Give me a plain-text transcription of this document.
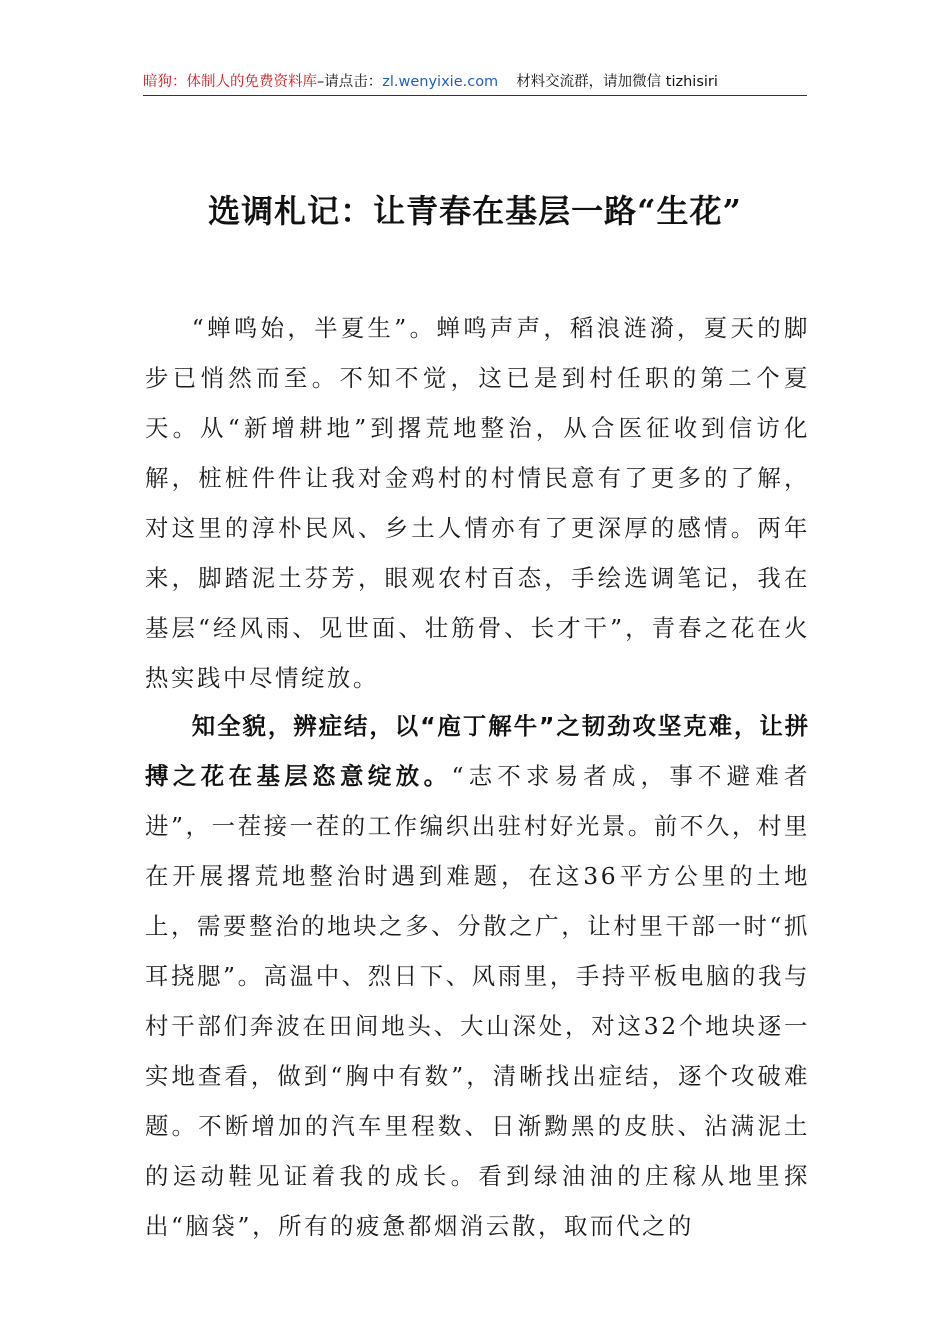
暗狗：体制人的免费资料库–请点击：zl.wenyixie.com 材料交流群，请加微信 tizhisiri
选调札记：让青春在基层一路“生花”

“蝉鸣始，半夏生”。蝉鸣声声，稻浪涟漪，夏天的脚步已悄然而至。不知不觉，这已是到村任职的第二个夏天。从“新增耕地”到撂荒地整治，从合医征收到信访化解，桩桩件件让我对金鸡村的村情民意有了更多的了解，对这里的淳朴民风、乡土人情亦有了更深厚的感情。两年来，脚踏泥土芬芳，眼观农村百态，手绘选调笔记，我在基层“经风雨、见世面、壮筋骨、长才干”，青春之花在火热实践中尽情绽放。

知全貌，辨症结，以“庖丁解牛”之韧劲攻坚克难，让拼搏之花在基层恣意绽放。“志不求易者成，事不避难者进”，一茬接一茬的工作编织出驻村好光景。前不久，村里在开展撂荒地整治时遇到难题，在这36平方公里的土地上，需要整治的地块之多、分散之广，让村里干部一时“抓耳挠腮”。高温中、烈日下、风雨里，手持平板电脑的我与村干部们奔波在田间地头、大山深处，对这32个地块逐一实地查看，做到“胸中有数”，清晰找出症结，逐个攻破难题。不断增加的汽车里程数、日渐黝黑的皮肤、沾满泥土的运动鞋见证着我的成长。看到绿油油的庄稼从地里探出“脑袋”，所有的疲惫都烟消云散，取而代之的
